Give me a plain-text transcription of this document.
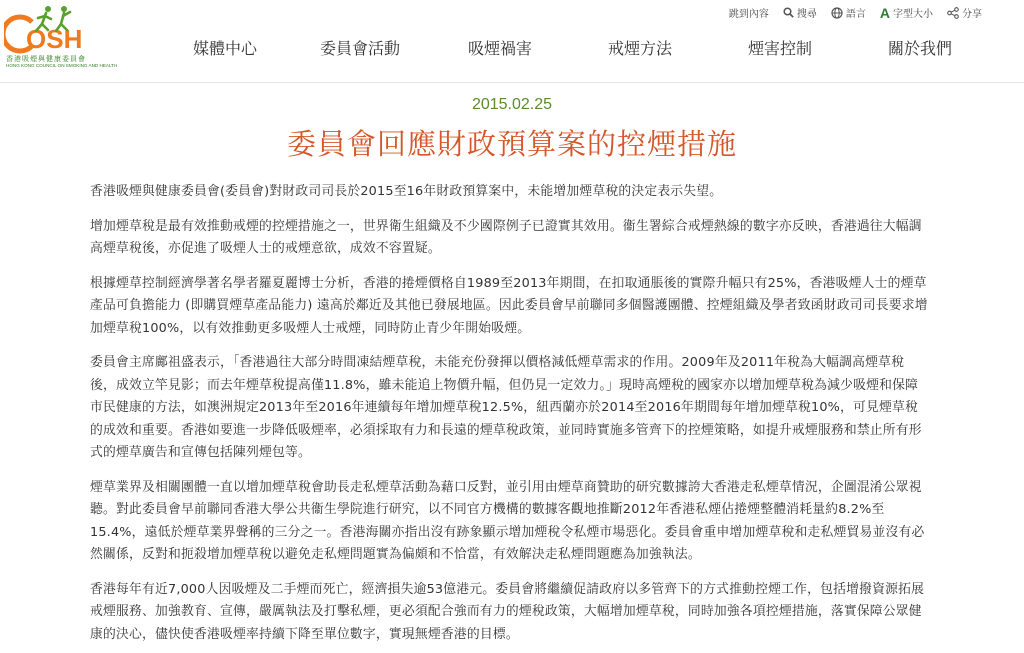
OSH
香港吸煙與健康委員會
HONG KONG COUNCIL ON SMOKING AND HEALTH
跳到內容	搜尋	語言 A 字型大小	分享
媒體中心	委員會活動	吸煙禍害	戒煙方法	煙害控制	關於我們
2015.02.25
委員會回應財政預算案的控煙措施

香港吸煙與健康委員會(委員會)對財政司司長於2015至16年財政預算案中，未能增加煙草稅的決定表示失望。

增加煙草稅是最有效推動戒煙的控煙措施之一，世界衛生組織及不少國際例子已證實其效用。衞生署綜合戒煙熱線的數字亦反映，香港過往大幅調高煙草稅後，亦促進了吸煙人士的戒煙意欲，成效不容置疑。

根據煙草控制經濟學著名學者羅夏麗博士分析，香港的捲煙價格自1989至2013年期間，在扣取通脹後的實際升幅只有25%，香港吸煙人士的煙草產品可負擔能力 (即購買煙草產品能力) 遠高於鄰近及其他已發展地區。因此委員會早前聯同多個醫護團體、控煙組織及學者致函財政司司長要求增加煙草稅100%，以有效推動更多吸煙人士戒煙，同時防止青少年開始吸煙。

委員會主席鄺祖盛表示，「香港過往大部分時間凍結煙草稅，未能充份發揮以價格減低煙草需求的作用。2009年及2011年稅為大幅調高煙草稅後，成效立竿見影；而去年煙草稅提高僅11.8%，雖未能追上物價升幅，但仍見一定效力。」現時高煙稅的國家亦以增加煙草稅為減少吸煙和保障市民健康的方法，如澳洲規定2013年至2016年連續每年增加煙草稅12.5%，紐西蘭亦於2014至2016年期間每年增加煙草稅10%，可見煙草稅的成效和重要。香港如要進一步降低吸煙率，必須採取有力和長遠的煙草稅政策，並同時實施多管齊下的控煙策略，如提升戒煙服務和禁止所有形式的煙草廣告和宣傳包括陳列煙包等。

煙草業界及相關團體一直以增加煙草稅會助長走私煙草活動為藉口反對，並引用由煙草商贊助的研究數據誇大香港走私煙草情況，企圖混淆公眾視聽。對此委員會早前聯同香港大學公共衞生學院進行研究，以不同官方機構的數據客觀地推斷2012年香港私煙佔捲煙整體消耗量約8.2%至15.4%，遠低於煙草業界聲稱的三分之一。香港海關亦指出沒有跡象顯示增加煙稅令私煙市場惡化。委員會重申增加煙草稅和走私煙貿易並沒有必然關係，反對和扼殺增加煙草稅以避免走私煙問題實為偏頗和不恰當，有效解決走私煙問題應為加強執法。

香港每年有近7,000人因吸煙及二手煙而死亡，經濟損失逾53億港元。委員會將繼續促請政府以多管齊下的方式推動控煙工作，包括增撥資源拓展戒煙服務、加強教育、宣傳，嚴厲執法及打擊私煙，更必須配合強而有力的煙稅政策，大幅增加煙草稅，同時加強各項控煙措施，落實保障公眾健康的決心，儘快使香港吸煙率持續下降至單位數字，實現無煙香港的目標。
